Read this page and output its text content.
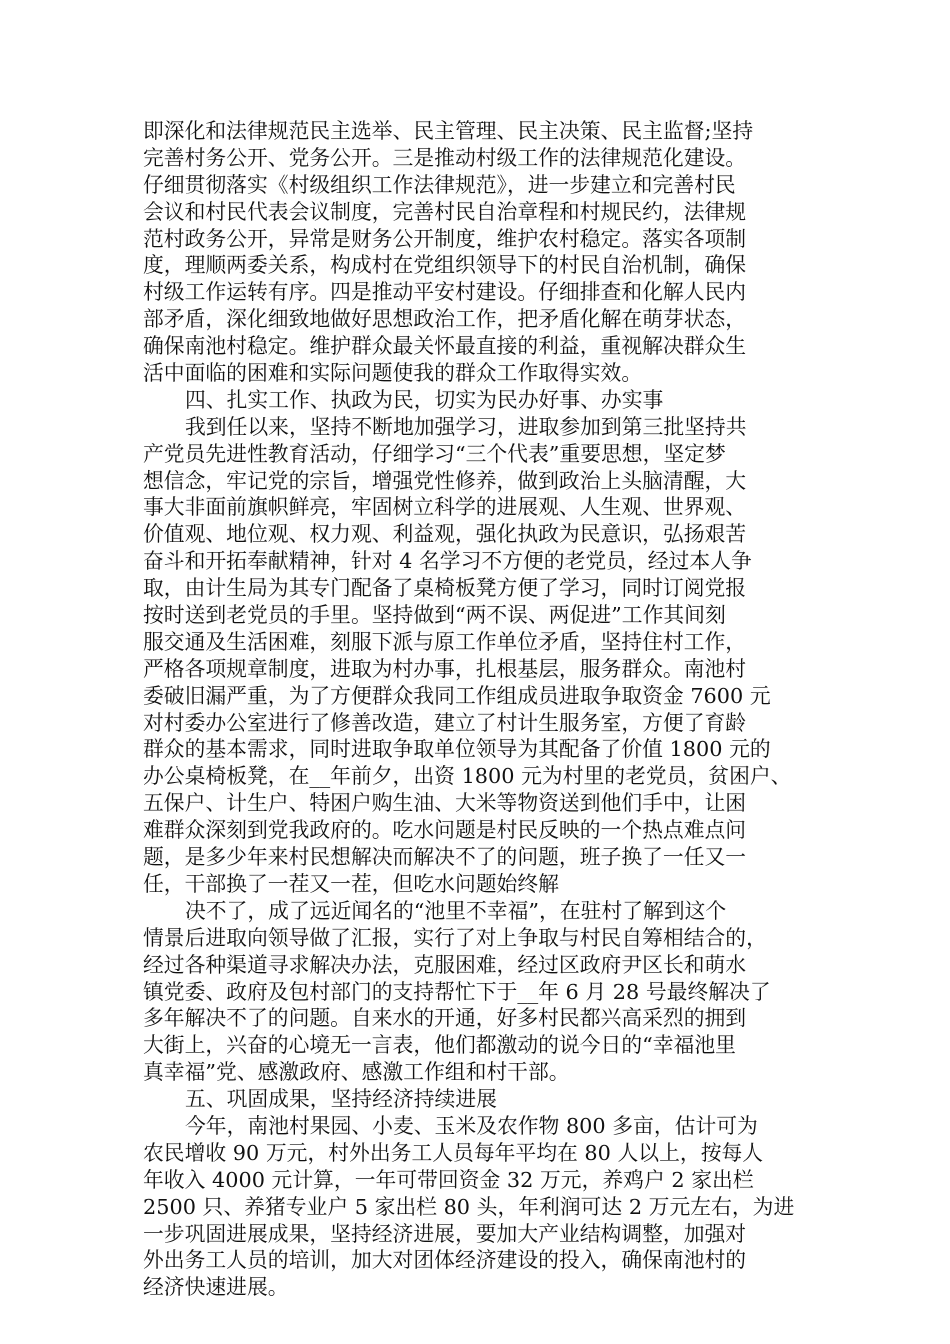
即深化和法律规范民主选举、民主管理、民主决策、民主监督;坚持
完善村务公开、党务公开。三是推动村级工作的法律规范化建设。
仔细贯彻落实《村级组织工作法律规范》，进一步建立和完善村民
会议和村民代表会议制度，完善村民自治章程和村规民约，法律规
范村政务公开，异常是财务公开制度，维护农村稳定。落实各项制
度，理顺两委关系，构成村在党组织领导下的村民自治机制，确保
村级工作运转有序。四是推动平安村建设。仔细排查和化解人民内
部矛盾，深化细致地做好思想政治工作，把矛盾化解在萌芽状态，
确保南池村稳定。维护群众最关怀最直接的利益，重视解决群众生
活中面临的困难和实际问题使我的群众工作取得实效。
四、扎实工作、执政为民，切实为民办好事、办实事
我到任以来，坚持不断地加强学习，进取参加到第三批坚持共
产党员先进性教育活动，仔细学习“三个代表”重要思想，坚定梦
想信念，牢记党的宗旨，增强党性修养，做到政治上头脑清醒，大
事大非面前旗帜鲜亮，牢固树立科学的进展观、人生观、世界观、
价值观、地位观、权力观、利益观，强化执政为民意识，弘扬艰苦
奋斗和开拓奉献精神，针对 4 名学习不方便的老党员，经过本人争
取，由计生局为其专门配备了桌椅板凳方便了学习，同时订阅党报
按时送到老党员的手里。坚持做到“两不误、两促进”工作其间刻
服交通及生活困难，刻服下派与原工作单位矛盾，坚持住村工作，
严格各项规章制度，进取为村办事，扎根基层，服务群众。南池村
委破旧漏严重，为了方便群众我同工作组成员进取争取资金 7600 元
对村委办公室进行了修善改造，建立了村计生服务室，方便了育龄
群众的基本需求，同时进取争取单位领导为其配备了价值 1800 元的
办公桌椅板凳，在__年前夕，出资 1800 元为村里的老党员，贫困户、
五保户、计生户、特困户购生油、大米等物资送到他们手中，让困
难群众深刻到党我政府的。吃水问题是村民反映的一个热点难点问
题，是多少年来村民想解决而解决不了的问题，班子换了一任又一
任，干部换了一茬又一茬，但吃水问题始终解
决不了，成了远近闻名的“池里不幸福”，在驻村了解到这个
情景后进取向领导做了汇报，实行了对上争取与村民自筹相结合的，
经过各种渠道寻求解决办法，克服困难，经过区政府尹区长和萌水
镇党委、政府及包村部门的支持帮忙下于__年 6 月 28 号最终解决了
多年解决不了的问题。自来水的开通，好多村民都兴高采烈的拥到
大街上，兴奋的心境无一言表，他们都激动的说今日的“幸福池里
真幸福”党、感激政府、感激工作组和村干部。
五、巩固成果，坚持经济持续进展
今年，南池村果园、小麦、玉米及农作物 800 多亩，估计可为
农民增收 90 万元，村外出务工人员每年平均在 80 人以上，按每人
年收入 4000 元计算，一年可带回资金 32 万元，养鸡户 2 家出栏
2500 只、养猪专业户 5 家出栏 80 头，年利润可达 2 万元左右，为进
一步巩固进展成果，坚持经济进展，要加大产业结构调整，加强对
外出务工人员的培训，加大对团体经济建设的投入，确保南池村的
经济快速进展。
